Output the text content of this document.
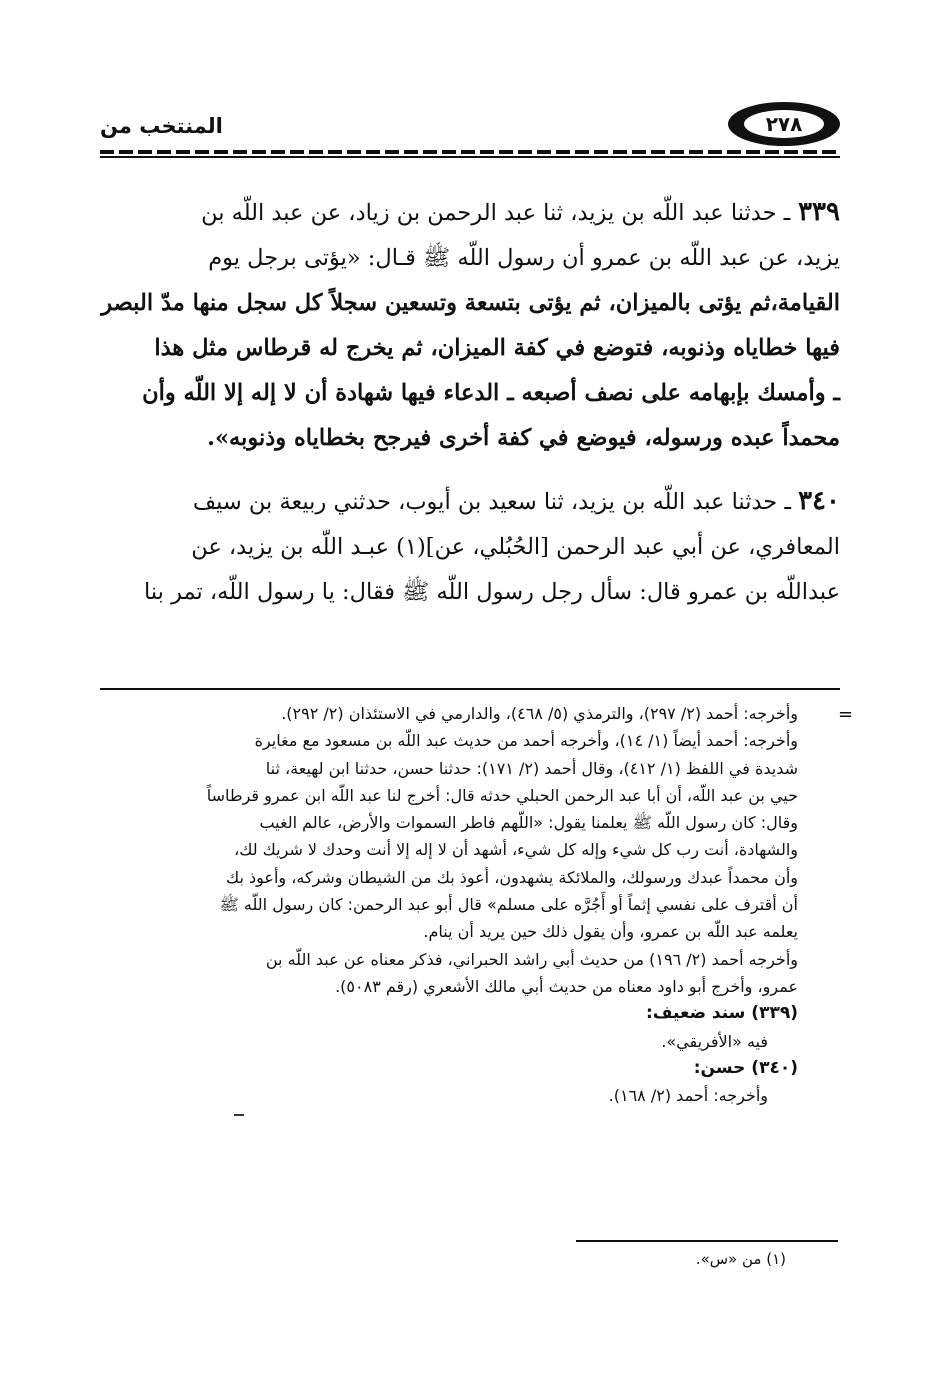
المنتخب من	٢٧٨

٣٣٩ ـ حدثنا عبد اللّه بن يزيد، ثنا عبد الرحمن بن زياد، عن عبد اللّه بن

يزيد، عن عبد اللّه بن عمرو أن رسول اللّه ﷺ قـال: «يؤتى برجل يوم

القيامة،ثم يؤتى بالميزان، ثم يؤتى بتسعة وتسعين سجلاً كل سجل منها مدّ البصر

فيها خطاياه وذنوبه، فتوضع في كفة الميزان، ثم يخرج له قرطاس مثل هذا

ـ وأمسك بإبهامه على نصف أصبعه ـ الدعاء فيها شهادة أن لا إله إلا اللّه وأن

محمداً عبده ورسوله، فيوضع في كفة أخرى فيرجح بخطاياه وذنوبه».

٣٤٠ ـ حدثنا عبد اللّه بن يزيد، ثنا سعيد بن أيوب، حدثني ربيعة بن سيف

المعافري، عن أبي عبد الرحمن [الحُبُلي، عن](١) عبـد اللّه بن يزيد، عن

عبداللّه بن عمرو قال: سأل رجل رسول اللّه ﷺ فقال: يا رسول اللّه، تمر بنا

=

وأخرجه: أحمد (٢/ ٢٩٧)، والترمذي (٥/ ٤٦٨)، والدارمي في الاستئذان (٢/ ٢٩٢).

وأخرجه: أحمد أيضاً (١/ ١٤)، وأخرجه أحمد من حديث عبد اللّه بن مسعود مع مغايرة

شديدة في اللفظ (١/ ٤١٢)، وقال أحمد (٢/ ١٧١): حدثنا حسن، حدثنا ابن لهيعة، ثنا

حيي بن عبد اللّه، أن أبا عبد الرحمن الحبلي حدثه قال: أخرج لنا عبد اللّه ابن عمرو قرطاساً

وقال: كان رسول اللّه ﷺ يعلمنا يقول: «اللّهم فاطر السموات والأرض، عالم الغيب

والشهادة، أنت رب كل شيء وإله كل شيء، أشهد أن لا إله إلا أنت وحدك لا شريك لك،

وأن محمداً عبدك ورسولك، والملائكة يشهدون، أعوذ بك من الشيطان وشركه، وأعوذ بك

أن أقترف على نفسي إثماً أو أَجُرَّه على مسلم» قال أبو عبد الرحمن: كان رسول اللّه ﷺ

يعلمه عبد اللّه بن عمرو، وأن يقول ذلك حين يريد أن ينام.

وأخرجه أحمد (٢/ ١٩٦) من حديث أبي راشد الحبراني، فذكر معناه عن عبد اللّه بن

عمرو، وأخرج أبو داود معناه من حديث أبي مالك الأشعري (رقم ٥٠٨٣).

(٣٣٩) سند ضعيف:

فيه «الأفريقي».

(٣٤٠) حسن:

وأخرجه: أحمد (٢/ ١٦٨).

(١) من «س».
